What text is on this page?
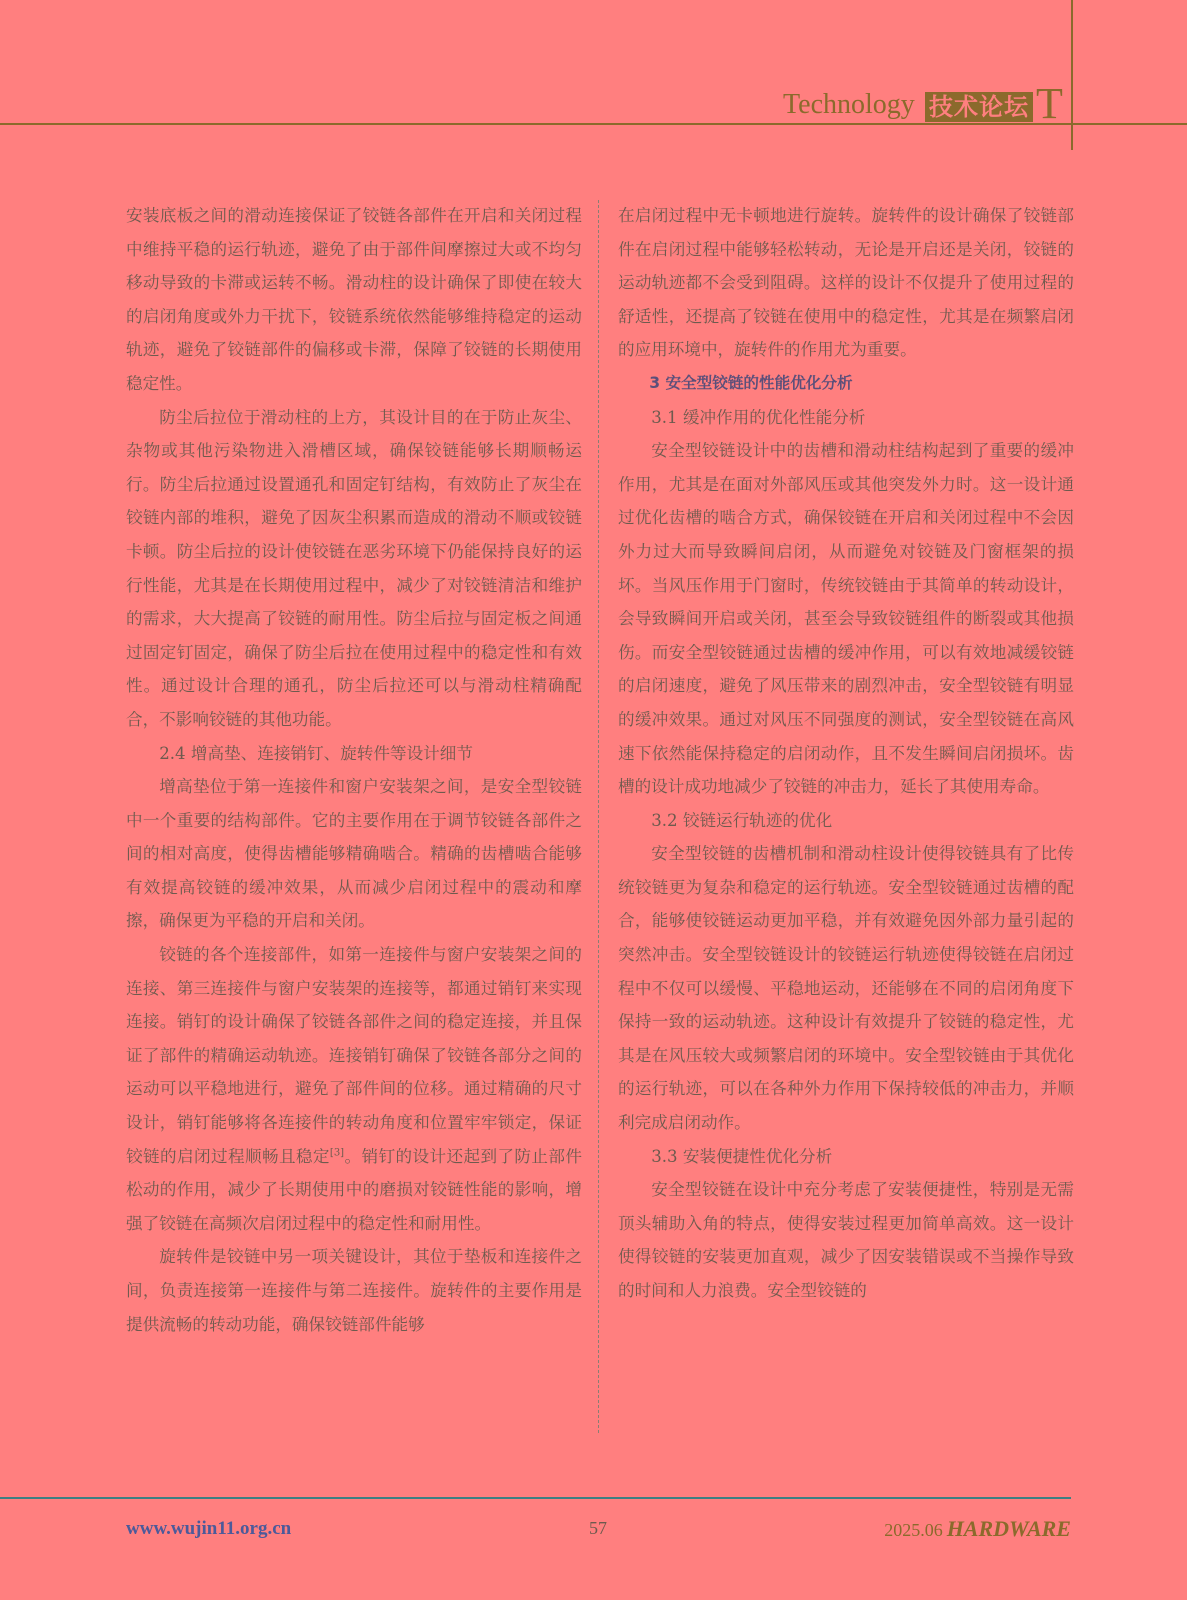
Technology 技术论坛 T

安装底板之间的滑动连接保证了铰链各部件在开启和关闭过程中维持平稳的运行轨迹，避免了由于部件间摩擦过大或不均匀移动导致的卡滞或运转不畅。滑动柱的设计确保了即使在较大的启闭角度或外力干扰下，铰链系统依然能够维持稳定的运动轨迹，避免了铰链部件的偏移或卡滞，保障了铰链的长期使用稳定性。

防尘后拉位于滑动柱的上方，其设计目的在于防止灰尘、杂物或其他污染物进入滑槽区域，确保铰链能够长期顺畅运行。防尘后拉通过设置通孔和固定钉结构，有效防止了灰尘在铰链内部的堆积，避免了因灰尘积累而造成的滑动不顺或铰链卡顿。防尘后拉的设计使铰链在恶劣环境下仍能保持良好的运行性能，尤其是在长期使用过程中，减少了对铰链清洁和维护的需求，大大提高了铰链的耐用性。防尘后拉与固定板之间通过固定钉固定，确保了防尘后拉在使用过程中的稳定性和有效性。通过设计合理的通孔，防尘后拉还可以与滑动柱精确配合，不影响铰链的其他功能。

2.4 增高垫、连接销钉、旋转件等设计细节

增高垫位于第一连接件和窗户安装架之间，是安全型铰链中一个重要的结构部件。它的主要作用在于调节铰链各部件之间的相对高度，使得齿槽能够精确啮合。精确的齿槽啮合能够有效提高铰链的缓冲效果，从而减少启闭过程中的震动和摩擦，确保更为平稳的开启和关闭。

铰链的各个连接部件，如第一连接件与窗户安装架之间的连接、第三连接件与窗户安装架的连接等，都通过销钉来实现连接。销钉的设计确保了铰链各部件之间的稳定连接，并且保证了部件的精确运动轨迹。连接销钉确保了铰链各部分之间的运动可以平稳地进行，避免了部件间的位移。通过精确的尺寸设计，销钉能够将各连接件的转动角度和位置牢牢锁定，保证铰链的启闭过程顺畅且稳定[3]。销钉的设计还起到了防止部件松动的作用，减少了长期使用中的磨损对铰链性能的影响，增强了铰链在高频次启闭过程中的稳定性和耐用性。

旋转件是铰链中另一项关键设计，其位于垫板和连接件之间，负责连接第一连接件与第二连接件。旋转件的主要作用是提供流畅的转动功能，确保铰链部件能够

在启闭过程中无卡顿地进行旋转。旋转件的设计确保了铰链部件在启闭过程中能够轻松转动，无论是开启还是关闭，铰链的运动轨迹都不会受到阻碍。这样的设计不仅提升了使用过程的舒适性，还提高了铰链在使用中的稳定性，尤其是在频繁启闭的应用环境中，旋转件的作用尤为重要。

3 安全型铰链的性能优化分析
3.1 缓冲作用的优化性能分析

安全型铰链设计中的齿槽和滑动柱结构起到了重要的缓冲作用，尤其是在面对外部风压或其他突发外力时。这一设计通过优化齿槽的啮合方式，确保铰链在开启和关闭过程中不会因外力过大而导致瞬间启闭，从而避免对铰链及门窗框架的损坏。当风压作用于门窗时，传统铰链由于其简单的转动设计，会导致瞬间开启或关闭，甚至会导致铰链组件的断裂或其他损伤。而安全型铰链通过齿槽的缓冲作用，可以有效地减缓铰链的启闭速度，避免了风压带来的剧烈冲击，安全型铰链有明显的缓冲效果。通过对风压不同强度的测试，安全型铰链在高风速下依然能保持稳定的启闭动作，且不发生瞬间启闭损坏。齿槽的设计成功地减少了铰链的冲击力，延长了其使用寿命。

3.2 铰链运行轨迹的优化

安全型铰链的齿槽机制和滑动柱设计使得铰链具有了比传统铰链更为复杂和稳定的运行轨迹。安全型铰链通过齿槽的配合，能够使铰链运动更加平稳，并有效避免因外部力量引起的突然冲击。安全型铰链设计的铰链运行轨迹使得铰链在启闭过程中不仅可以缓慢、平稳地运动，还能够在不同的启闭角度下保持一致的运动轨迹。这种设计有效提升了铰链的稳定性，尤其是在风压较大或频繁启闭的环境中。安全型铰链由于其优化的运行轨迹，可以在各种外力作用下保持较低的冲击力，并顺利完成启闭动作。

3.3 安装便捷性优化分析

安全型铰链在设计中充分考虑了安装便捷性，特别是无需顶头辅助入角的特点，使得安装过程更加简单高效。这一设计使得铰链的安装更加直观，减少了因安装错误或不当操作导致的时间和人力浪费。安全型铰链的

www.wujin11.org.cn	57	2025.06 HARDWARE
